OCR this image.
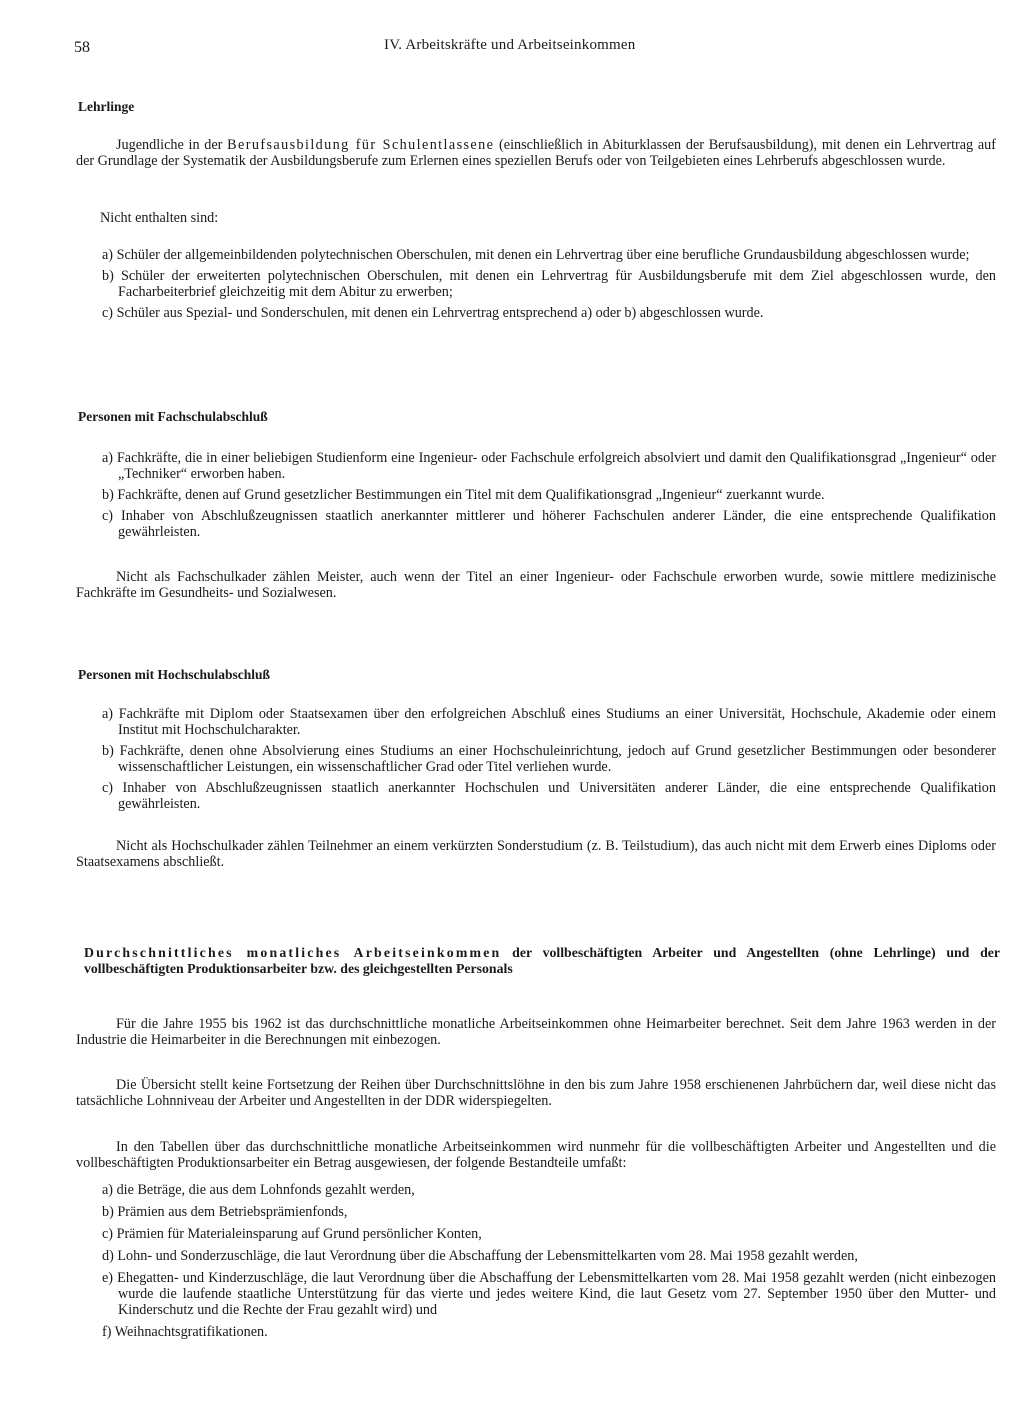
58	IV. Arbeitskräfte und Arbeitseinkommen
Lehrlinge
Jugendliche in der Berufsausbildung für Schulentlassene (einschließlich in Abiturklassen der Berufsausbildung), mit denen ein Lehrvertrag auf der Grundlage der Systematik der Ausbildungsberufe zum Erlernen eines speziellen Berufs oder von Teilgebieten eines Lehrberufs abgeschlossen wurde.
Nicht enthalten sind:
a) Schüler der allgemeinbildenden polytechnischen Oberschulen, mit denen ein Lehrvertrag über eine berufliche Grundausbildung abgeschlossen wurde;
b) Schüler der erweiterten polytechnischen Oberschulen, mit denen ein Lehrvertrag für Ausbildungsberufe mit dem Ziel abgeschlossen wurde, den Facharbeiterbrief gleichzeitig mit dem Abitur zu erwerben;
c) Schüler aus Spezial- und Sonderschulen, mit denen ein Lehrvertrag entsprechend a) oder b) abgeschlossen wurde.
Personen mit Fachschulabschluß
a) Fachkräfte, die in einer beliebigen Studienform eine Ingenieur- oder Fachschule erfolgreich absolviert und damit den Qualifikationsgrad „Ingenieur“ oder „Techniker“ erworben haben.
b) Fachkräfte, denen auf Grund gesetzlicher Bestimmungen ein Titel mit dem Qualifikationsgrad „Ingenieur“ zuerkannt wurde.
c) Inhaber von Abschlußzeugnissen staatlich anerkannter mittlerer und höherer Fachschulen anderer Länder, die eine entsprechende Qualifikation gewährleisten.
Nicht als Fachschulkader zählen Meister, auch wenn der Titel an einer Ingenieur- oder Fachschule erworben wurde, sowie mittlere medizinische Fachkräfte im Gesundheits- und Sozialwesen.
Personen mit Hochschulabschluß
a) Fachkräfte mit Diplom oder Staatsexamen über den erfolgreichen Abschluß eines Studiums an einer Universität, Hochschule, Akademie oder einem Institut mit Hochschulcharakter.
b) Fachkräfte, denen ohne Absolvierung eines Studiums an einer Hochschuleinrichtung, jedoch auf Grund gesetzlicher Bestimmungen oder besonderer wissenschaftlicher Leistungen, ein wissenschaftlicher Grad oder Titel verliehen wurde.
c) Inhaber von Abschlußzeugnissen staatlich anerkannter Hochschulen und Universitäten anderer Länder, die eine entsprechende Qualifikation gewährleisten.
Nicht als Hochschulkader zählen Teilnehmer an einem verkürzten Sonderstudium (z. B. Teilstudium), das auch nicht mit dem Erwerb eines Diploms oder Staatsexamens abschließt.
Durchschnittliches monatliches Arbeitseinkommen der vollbeschäftigten Arbeiter und Angestellten (ohne Lehrlinge) und der vollbeschäftigten Produktionsarbeiter bzw. des gleichgestellten Personals
Für die Jahre 1955 bis 1962 ist das durchschnittliche monatliche Arbeitseinkommen ohne Heimarbeiter berechnet. Seit dem Jahre 1963 werden in der Industrie die Heimarbeiter in die Berechnungen mit einbezogen.
Die Übersicht stellt keine Fortsetzung der Reihen über Durchschnittslöhne in den bis zum Jahre 1958 erschienenen Jahrbüchern dar, weil diese nicht das tatsächliche Lohnniveau der Arbeiter und Angestellten in der DDR widerspiegelten.
In den Tabellen über das durchschnittliche monatliche Arbeitseinkommen wird nunmehr für die vollbeschäftigten Arbeiter und Angestellten und die vollbeschäftigten Produktionsarbeiter ein Betrag ausgewiesen, der folgende Bestandteile umfaßt:
a) die Beträge, die aus dem Lohnfonds gezahlt werden,
b) Prämien aus dem Betriebsprämienfonds,
c) Prämien für Materialeinsparung auf Grund persönlicher Konten,
d) Lohn- und Sonderzuschläge, die laut Verordnung über die Abschaffung der Lebensmittelkarten vom 28. Mai 1958 gezahlt werden,
e) Ehegatten- und Kinderzuschläge, die laut Verordnung über die Abschaffung der Lebensmittelkarten vom 28. Mai 1958 gezahlt werden (nicht einbezogen wurde die laufende staatliche Unterstützung für das vierte und jedes weitere Kind, die laut Gesetz vom 27. September 1950 über den Mutter- und Kinderschutz und die Rechte der Frau gezahlt wird) und
f) Weihnachtsgratifikationen.
